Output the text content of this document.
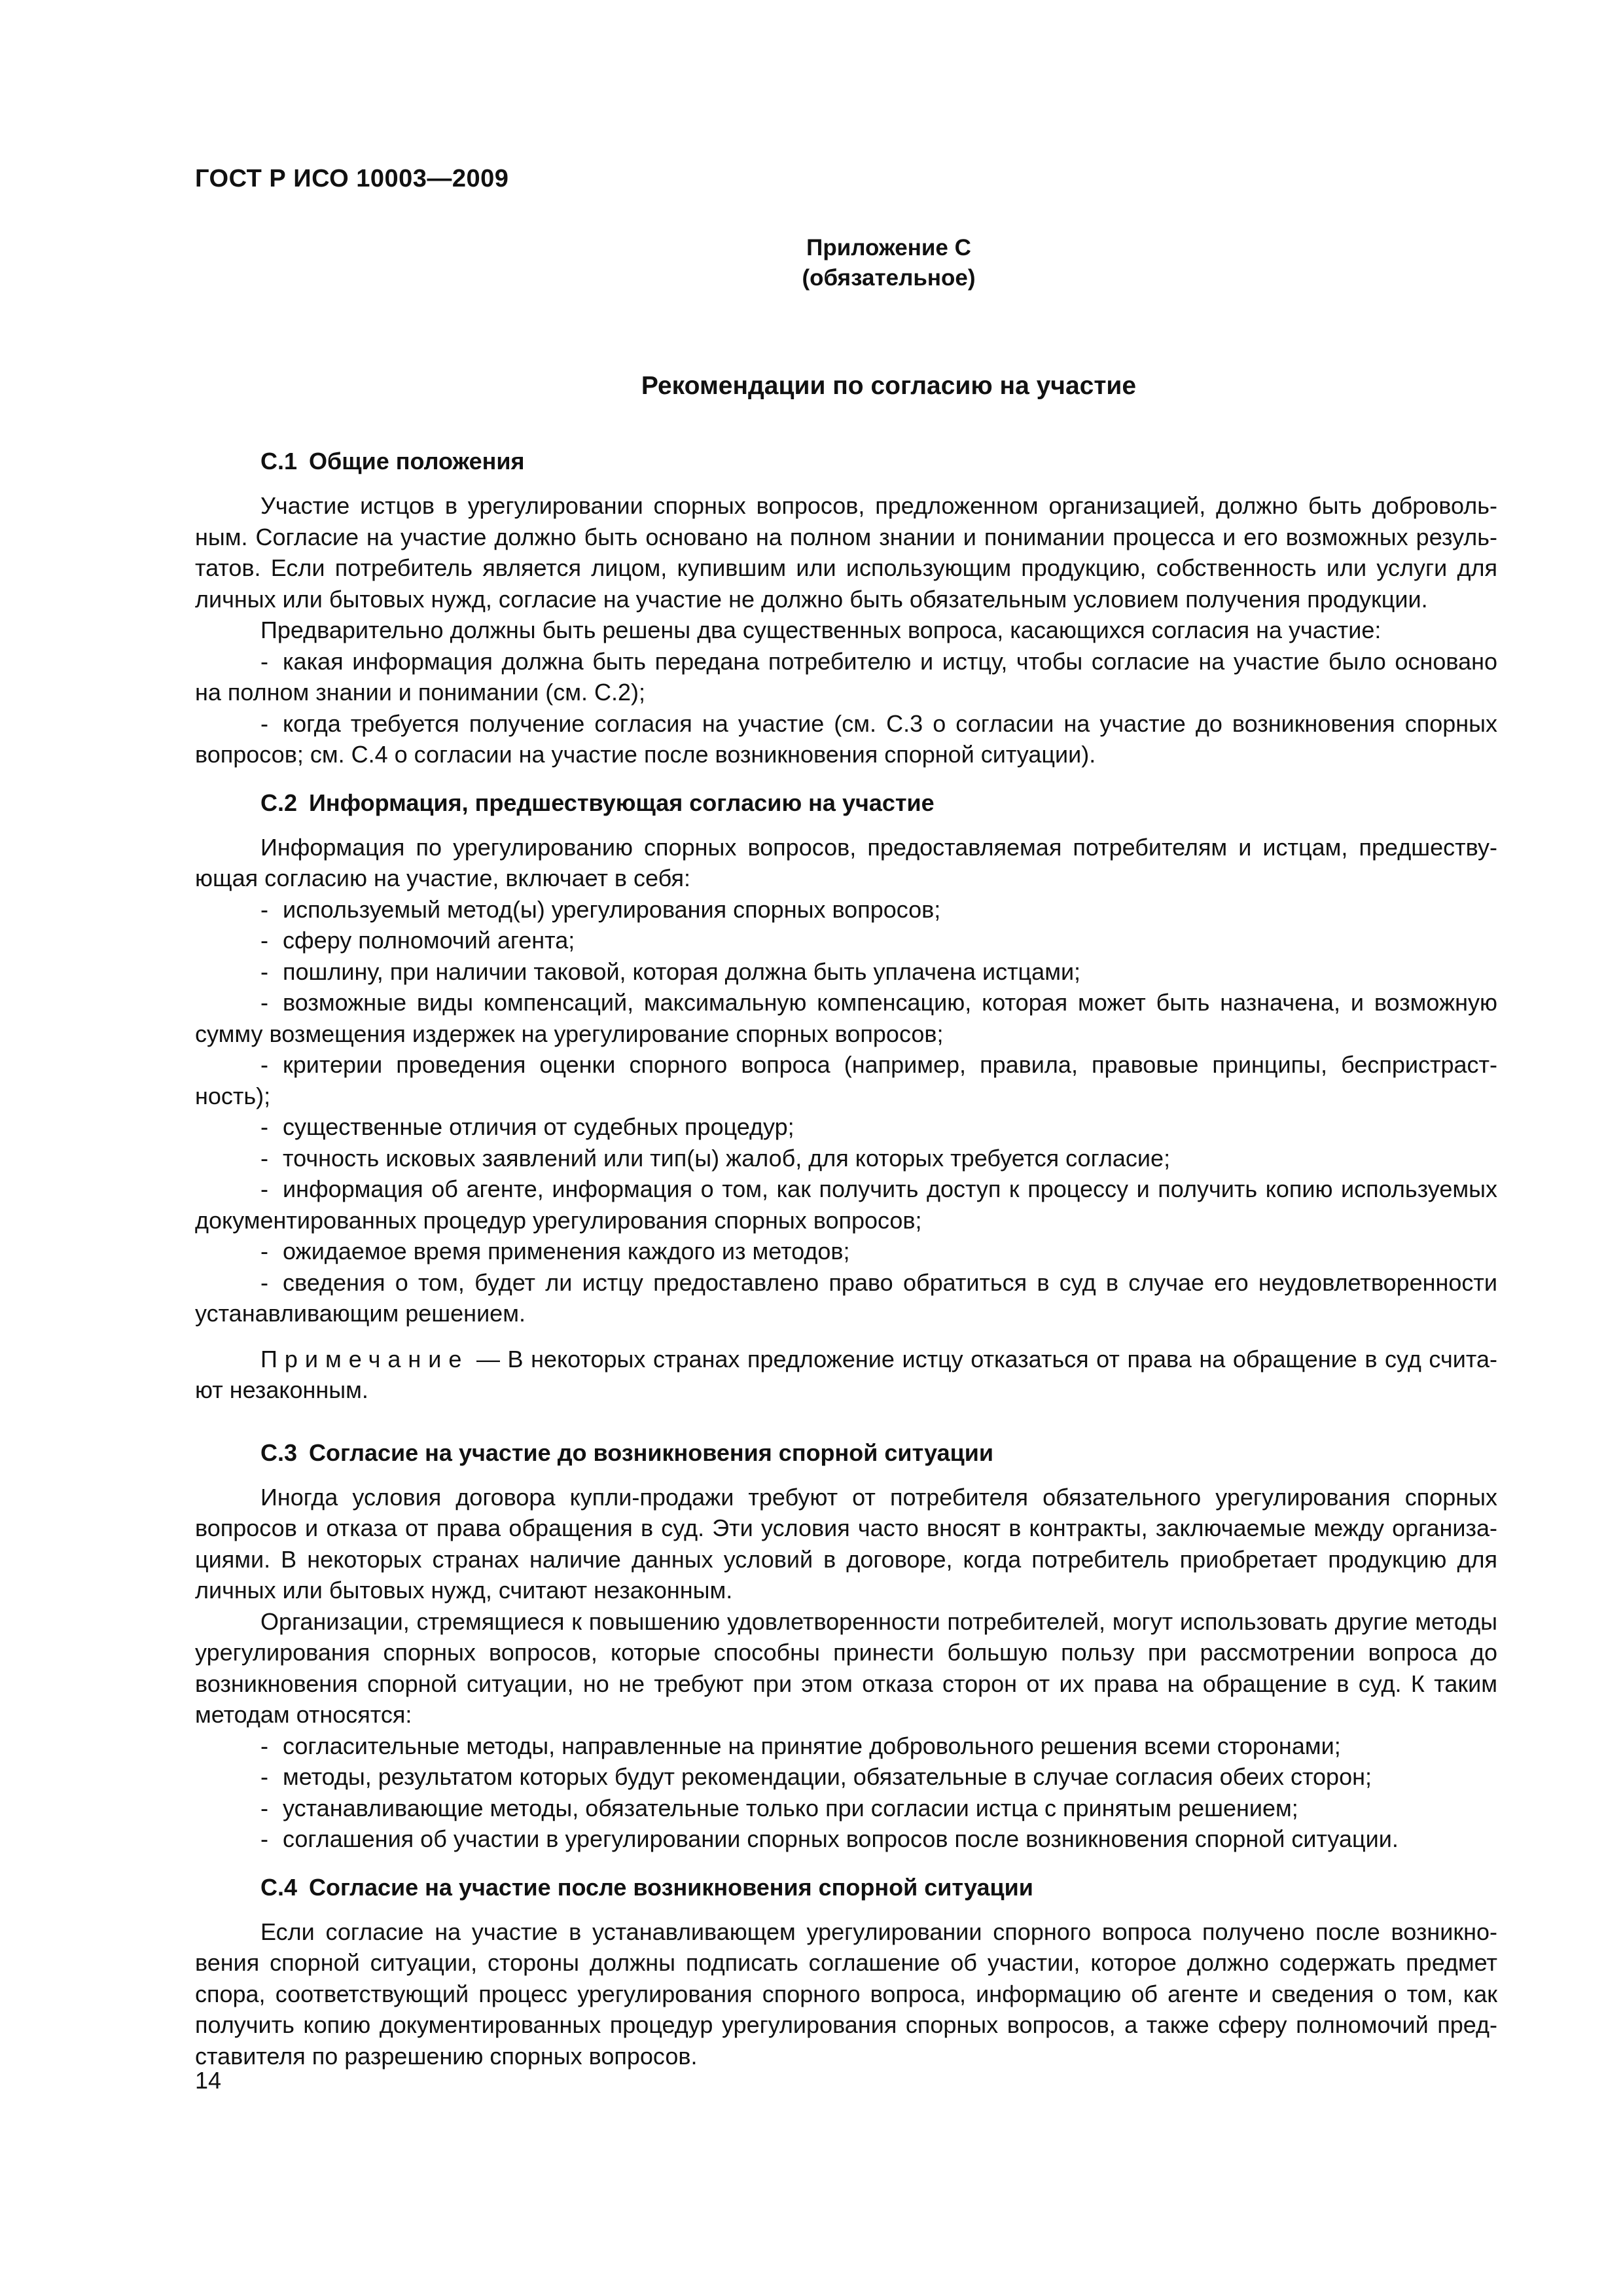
ГОСТ Р ИСО 10003—2009
Приложение С
(обязательное)
Рекомендации по согласию на участие
С.1 Общие положения

Участие истцов в урегулировании спорных вопросов, предложенном организацией, должно быть добровольным. Согласие на участие должно быть основано на полном знании и понимании процесса и его возможных результатов. Если потребитель является лицом, купившим или использующим продукцию, собственность или услуги для личных или бытовых нужд, согласие на участие не должно быть обязательным условием получения продукции.

Предварительно должны быть решены два существенных вопроса, касающихся согласия на участие:

- какая информация должна быть передана потребителю и истцу, чтобы согласие на участие было основано на полном знании и понимании (см. С.2);
- когда требуется получение согласия на участие (см. С.3 о согласии на участие до возникновения спорных вопросов; см. С.4 о согласии на участие после возникновения спорной ситуации).
С.2 Информация, предшествующая согласию на участие

Информация по урегулированию спорных вопросов, предоставляемая потребителям и истцам, предшествующая согласию на участие, включает в себя:

- используемый метод(ы) урегулирования спорных вопросов;
- сферу полномочий агента;
- пошлину, при наличии таковой, которая должна быть уплачена истцами;
- возможные виды компенсаций, максимальную компенсацию, которая может быть назначена, и возможную сумму возмещения издержек на урегулирование спорных вопросов;
- критерии проведения оценки спорного вопроса (например, правила, правовые принципы, беспристрастность);
- существенные отличия от судебных процедур;
- точность исковых заявлений или тип(ы) жалоб, для которых требуется согласие;
- информация об агенте, информация о том, как получить доступ к процессу и получить копию используемых документированных процедур урегулирования спорных вопросов;
- ожидаемое время применения каждого из методов;
- сведения о том, будет ли истцу предоставлено право обратиться в суд в случае его неудовлетворенности устанавливающим решением.
Примечание — В некоторых странах предложение истцу отказаться от права на обращение в суд считают незаконным.
С.3 Согласие на участие до возникновения спорной ситуации

Иногда условия договора купли-продажи требуют от потребителя обязательного урегулирования спорных вопросов и отказа от права обращения в суд. Эти условия часто вносят в контракты, заключаемые между организациями. В некоторых странах наличие данных условий в договоре, когда потребитель приобретает продукцию для личных или бытовых нужд, считают незаконным.

Организации, стремящиеся к повышению удовлетворенности потребителей, могут использовать другие методы урегулирования спорных вопросов, которые способны принести большую пользу при рассмотрении вопроса до возникновения спорной ситуации, но не требуют при этом отказа сторон от их права на обращение в суд. К таким методам относятся:

- согласительные методы, направленные на принятие добровольного решения всеми сторонами;
- методы, результатом которых будут рекомендации, обязательные в случае согласия обеих сторон;
- устанавливающие методы, обязательные только при согласии истца с принятым решением;
- соглашения об участии в урегулировании спорных вопросов после возникновения спорной ситуации.
С.4 Согласие на участие после возникновения спорной ситуации

Если согласие на участие в устанавливающем урегулировании спорного вопроса получено после возникновения спорной ситуации, стороны должны подписать соглашение об участии, которое должно содержать предмет спора, соответствующий процесс урегулирования спорного вопроса, информацию об агенте и сведения о том, как получить копию документированных процедур урегулирования спорных вопросов, а также сферу полномочий представителя по разрешению спорных вопросов.

14
